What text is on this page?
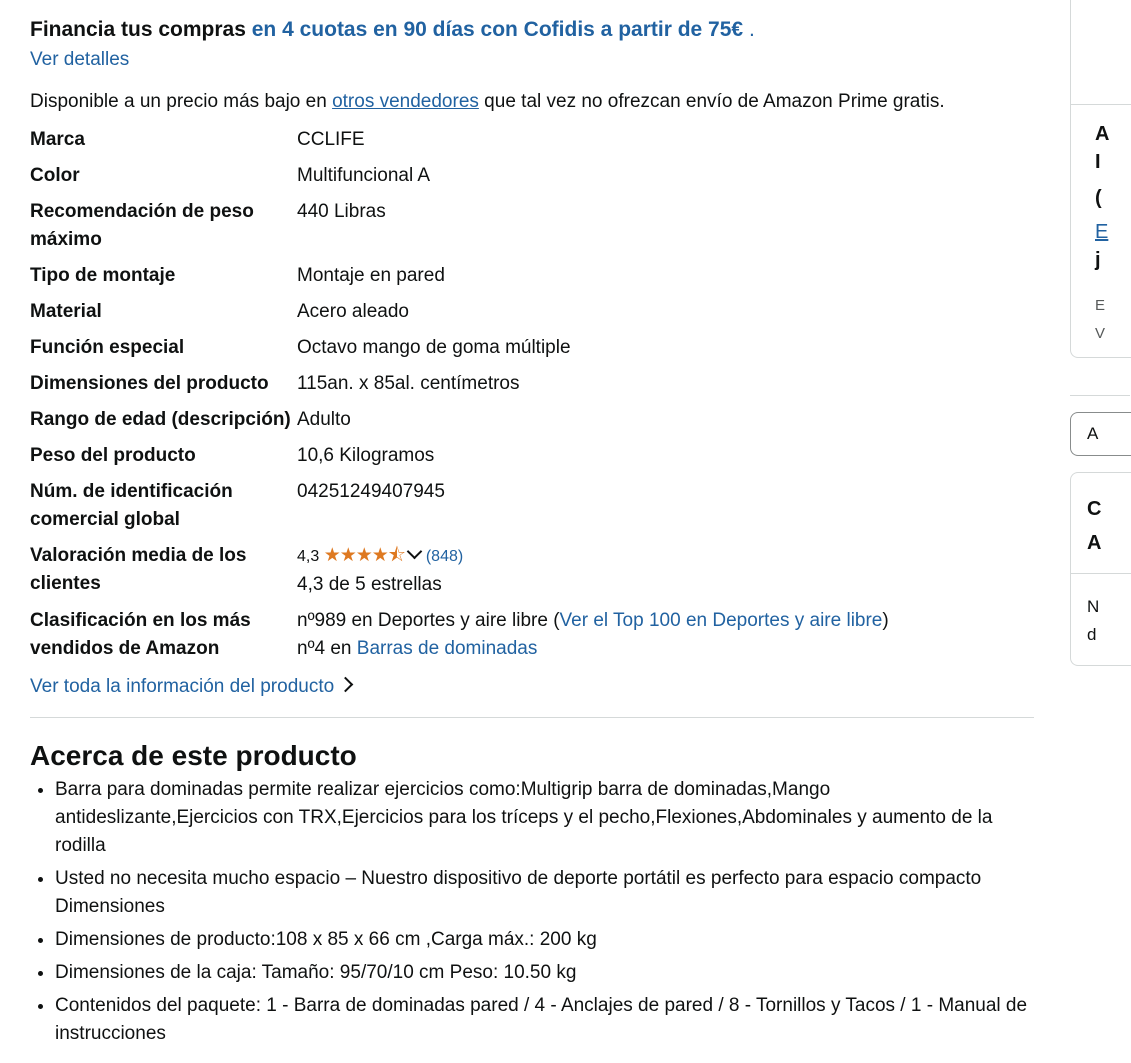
Financia tus compras en 4 cuotas en 90 días con Cofidis a partir de 75€ .
Ver detalles
Disponible a un precio más bajo en otros vendedores que tal vez no ofrezcan envío de Amazon Prime gratis.
Marca	CCLIFE
Color	Multifuncional A
Recomendación de peso máximo	440 Libras
Tipo de montaje	Montaje en pared
Material	Acero aleado
Función especial	Octavo mango de goma múltiple
Dimensiones del producto	115an. x 85al. centímetros
Rango de edad (descripción)	Adulto
Peso del producto	10,6 Kilogramos
Núm. de identificación comercial global	04251249407945
Valoración media de los clientes	4,3 ★★★★⯪ (848)
4,3 de 5 estrellas

Clasificación en los más vendidos de Amazon	nº989 en Deportes y aire libre (Ver el Top 100 en Deportes y aire libre)
nº4 en Barras de dominadas
Ver toda la información del producto
Acerca de este producto
• Barra para dominadas permite realizar ejercicios como:Multigrip barra de dominadas,Mango antideslizante,Ejercicios con TRX,Ejercicios para los tríceps y el pecho,Flexiones,Abdominales y aumento de la rodilla
• Usted no necesita mucho espacio – Nuestro dispositivo de deporte portátil es perfecto para espacio compacto Dimensiones
• Dimensiones de producto:108 x 85 x 66 cm ,Carga máx.: 200 kg
• Dimensiones de la caja: Tamaño: 95/70/10 cm Peso: 10.50 kg
• Contenidos del paquete: 1 - Barra de dominadas pared / 4 - Anclajes de pared / 8 - Tornillos y Tacos / 1 - Manual de instrucciones
A
I
(
E
j
E
V
A
C
A
N
d
